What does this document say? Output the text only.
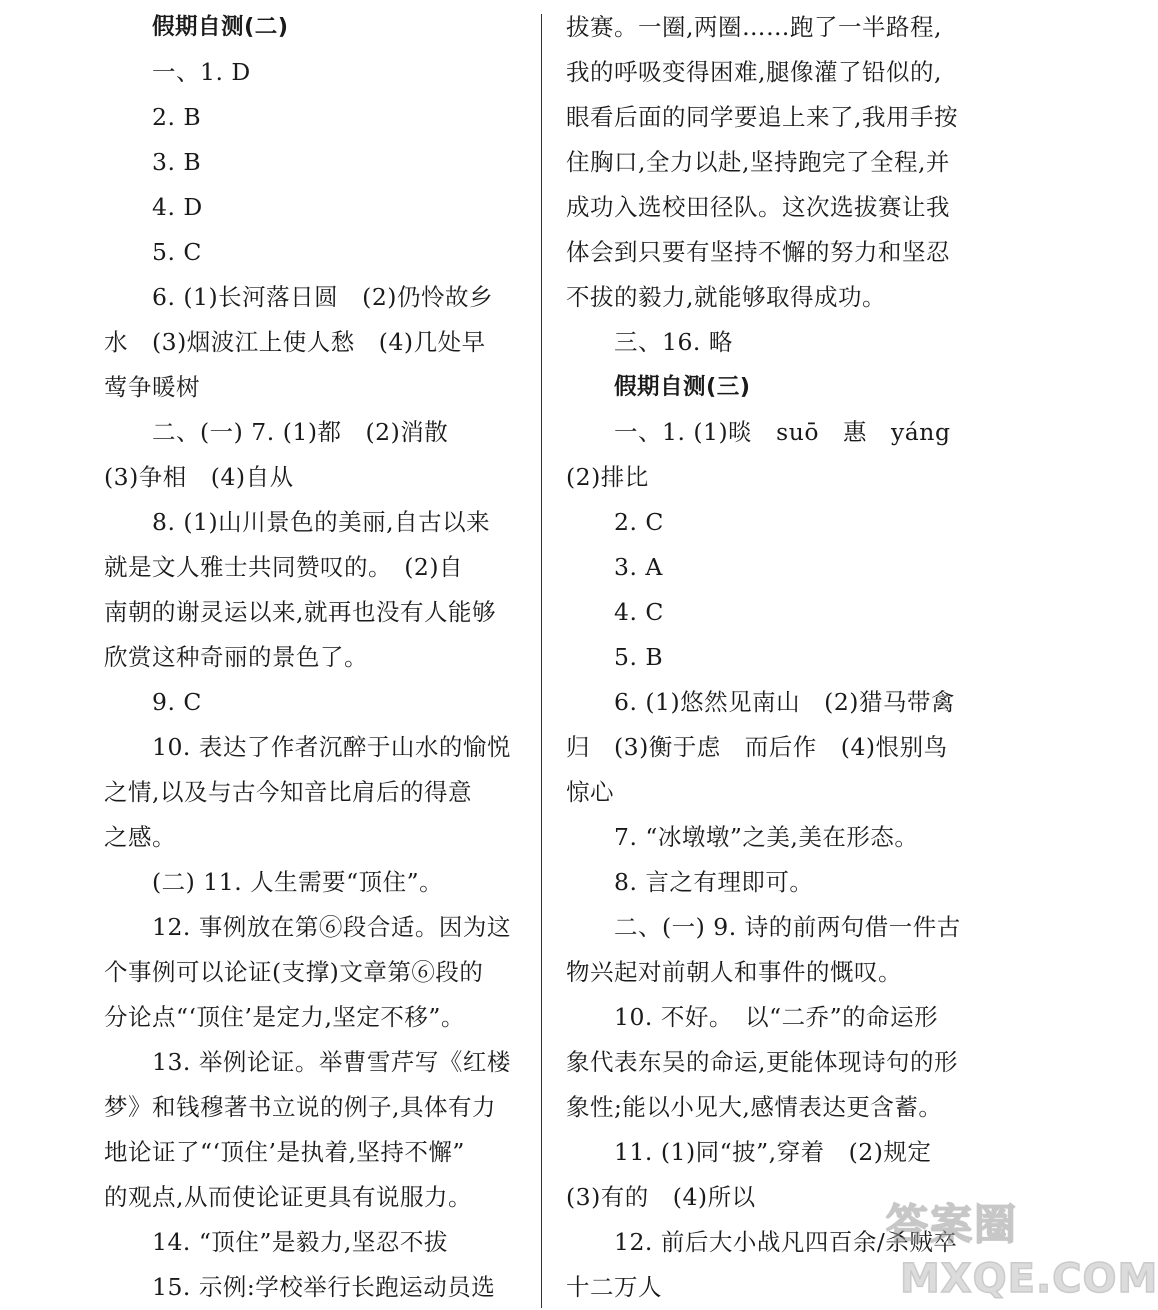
假期自测(二)
一、1. D
2. B
3. B
4. D
5. C
6. (1)长河落日圆　(2)仍怜故乡
水　(3)烟波江上使人愁　(4)几处早
莺争暖树
二、(一) 7. (1)都　(2)消散
(3)争相　(4)自从
8. (1)山川景色的美丽,自古以来
就是文人雅士共同赞叹的。　(2)自
南朝的谢灵运以来,就再也没有人能够
欣赏这种奇丽的景色了。
9. C
10. 表达了作者沉醉于山水的愉悦
之情,以及与古今知音比肩后的得意
之感。
(二) 11. 人生需要“顶住”。
12. 事例放在第⑥段合适。因为这
个事例可以论证(支撑)文章第⑥段的
分论点“‘顶住’是定力,坚定不移”。
13. 举例论证。举曹雪芹写《红楼
梦》和钱穆著书立说的例子,具体有力
地论证了“‘顶住’是执着,坚持不懈”
的观点,从而使论证更具有说服力。
14. “顶住”是毅力,坚忍不拔
15. 示例:学校举行长跑运动员选
拔赛。一圈,两圈……跑了一半路程,
我的呼吸变得困难,腿像灌了铅似的,
眼看后面的同学要追上来了,我用手按
住胸口,全力以赴,坚持跑完了全程,并
成功入选校田径队。这次选拔赛让我
体会到只要有坚持不懈的努力和坚忍
不拔的毅力,就能够取得成功。
三、16. 略
假期自测(三)
一、1. (1)晱　suō　惠　yáng
(2)排比
2. C
3. A
4. C
5. B
6. (1)悠然见南山　(2)猎马带禽
归　(3)衡于虑　而后作　(4)恨别鸟
惊心
7. “冰墩墩”之美,美在形态。
8. 言之有理即可。
二、(一) 9. 诗的前两句借一件古
物兴起对前朝人和事件的慨叹。
10. 不好。　以“二乔”的命运形
象代表东吴的命运,更能体现诗句的形
象性;能以小见大,感情表达更含蓄。
11. (1)同“披”,穿着　(2)规定
(3)有的　(4)所以
12. 前后大小战凡四百余/杀贼卒
十二万人
答案圈
MXQE.COM
